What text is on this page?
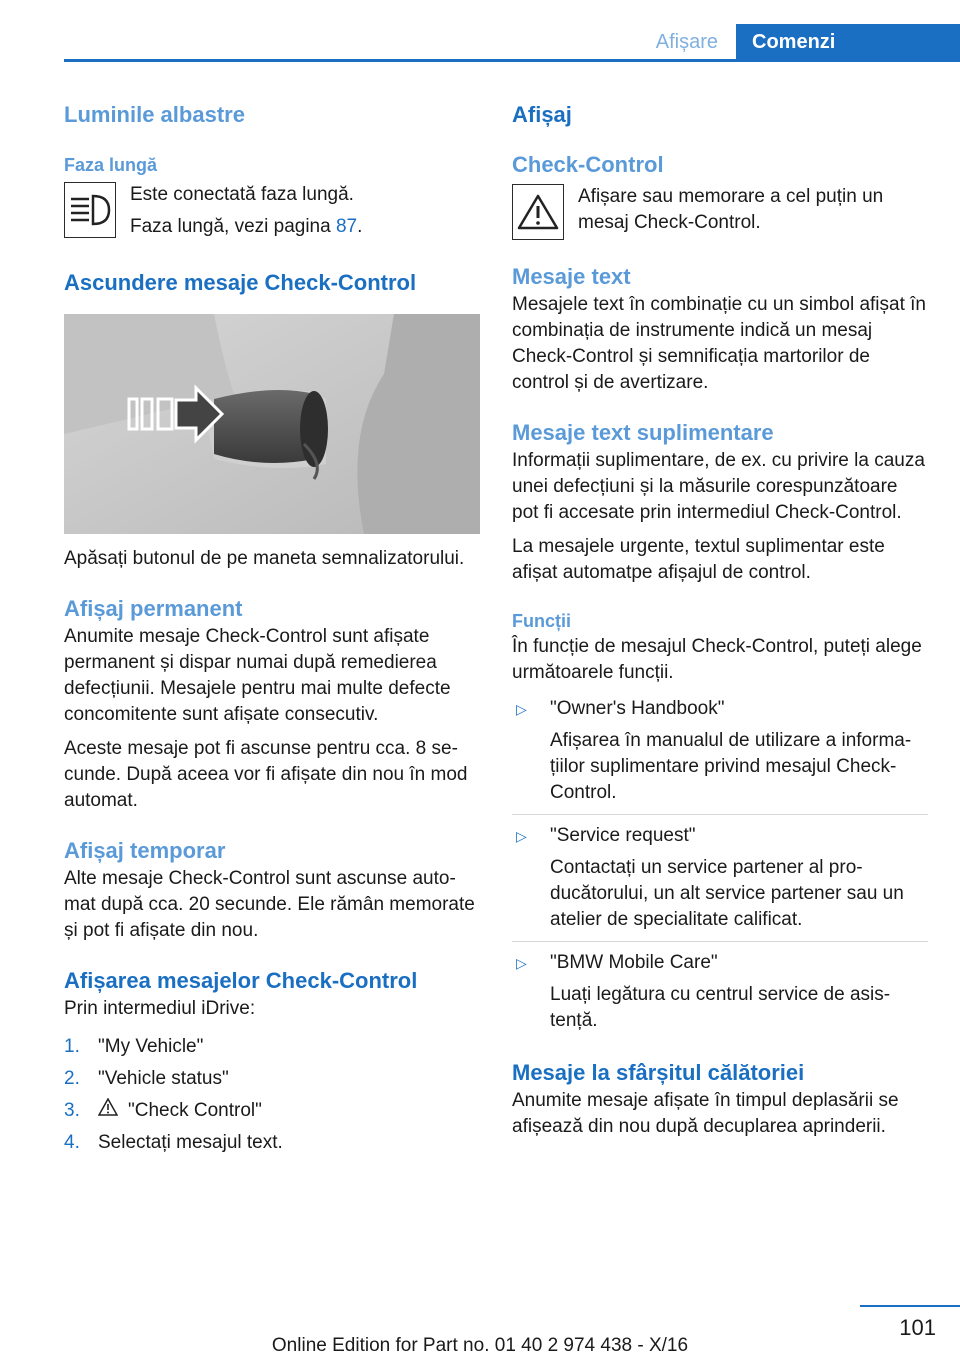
Afișare	Comenzi
Luminile albastre
Faza lungă

Este conectată faza lungă.

Faza lungă, vezi pagina 87.

Ascundere mesaje Check-Control

Apăsați butonul de pe maneta semnalizatorului.

Afișaj permanent

Anumite mesaje Check-Control sunt afișate permanent și dispar numai după remedierea defecțiunii. Mesajele pentru mai multe defecte concomitente sunt afișate consecutiv.

Aceste mesaje pot fi ascunse pentru cca. 8 secunde. După aceea vor fi afișate din nou în mod automat.

Afișaj temporar

Alte mesaje Check-Control sunt ascunse automat după cca. 20 secunde. Ele rămân memorate și pot fi afișate din nou.

Afișarea mesajelor Check-Control

Prin intermediul iDrive:

1. "My Vehicle"
2. "Vehicle status"
3.	"Check Control"
4. Selectați mesajul text.
Afișaj
Check-Control

Afișare sau memorare a cel puțin un mesaj Check-Control.

Mesaje text

Mesajele text în combinație cu un simbol afișat în combinația de instrumente indică un mesaj Check-Control și semnificația martorilor de control și de avertizare.

Mesaje text suplimentare

Informații suplimentare, de ex. cu privire la cauza unei defecțiuni și la măsurile corespunzătoare pot fi accesate prin intermediul Check-Control.

La mesajele urgente, textul suplimentar este afișat automatpe afișajul de control.

Funcții

În funcție de mesajul Check-Control, puteți alege următoarele funcții.

▷	"Owner's Handbook"

Afișarea în manualul de utilizare a informațiilor suplimentare privind mesajul Check-Control.

▷	"Service request"

Contactați un service partener al producătorului, un alt service partener sau un atelier de specialitate calificat.

▷	"BMW Mobile Care"

Luați legătura cu centrul service de asistență.

Mesaje la sfârșitul călătoriei

Anumite mesaje afișate în timpul deplasării se afișează din nou după decuplarea aprinderii.

101
Online Edition for Part no. 01 40 2 974 438 - X/16
